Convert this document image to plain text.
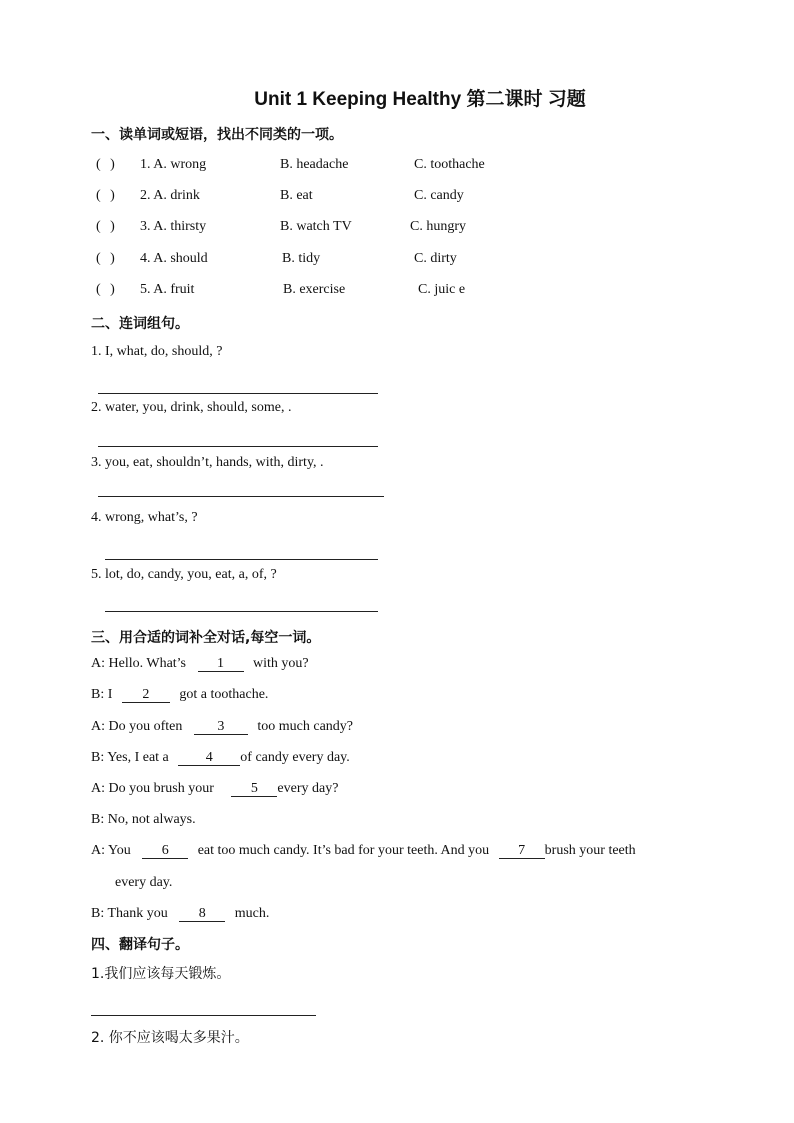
Unit 1 Keeping Healthy 第二课时 习题
一、读单词或短语，找出不同类的一项。
( ) 1. A. wrong	B. headache	C. toothache
( ) 2. A. drink	B. eat	C. candy
( ) 3. A. thirsty	B. watch TV	C. hungry
( ) 4. A. should	B. tidy	C. dirty
( ) 5. A. fruit	B. exercise	C. juic e
二、连词组句。
1. I, what, do, should, ?
2. water, you, drink, should, some, .
3. you, eat, shouldn’t, hands, with, dirty, .
4. wrong, what’s, ?
5. lot, do, candy, you, eat, a, of, ?
三、用合适的词补全对话,每空一词。
A: Hello. What’s 1 with you?
B: I 2 got a toothache.
A: Do you often	3 too much candy?
B: Yes, I eat a	4 of candy every day.
A: Do you brush your	5 every day?
B: No, not always.
A: You 6 eat too much candy. It’s bad for your teeth. And you 7 brush your teeth
every day.
B: Thank you 8 much.
四、翻译句子。
1.我们应该每天锻炼。
2. 你不应该喝太多果汁。
